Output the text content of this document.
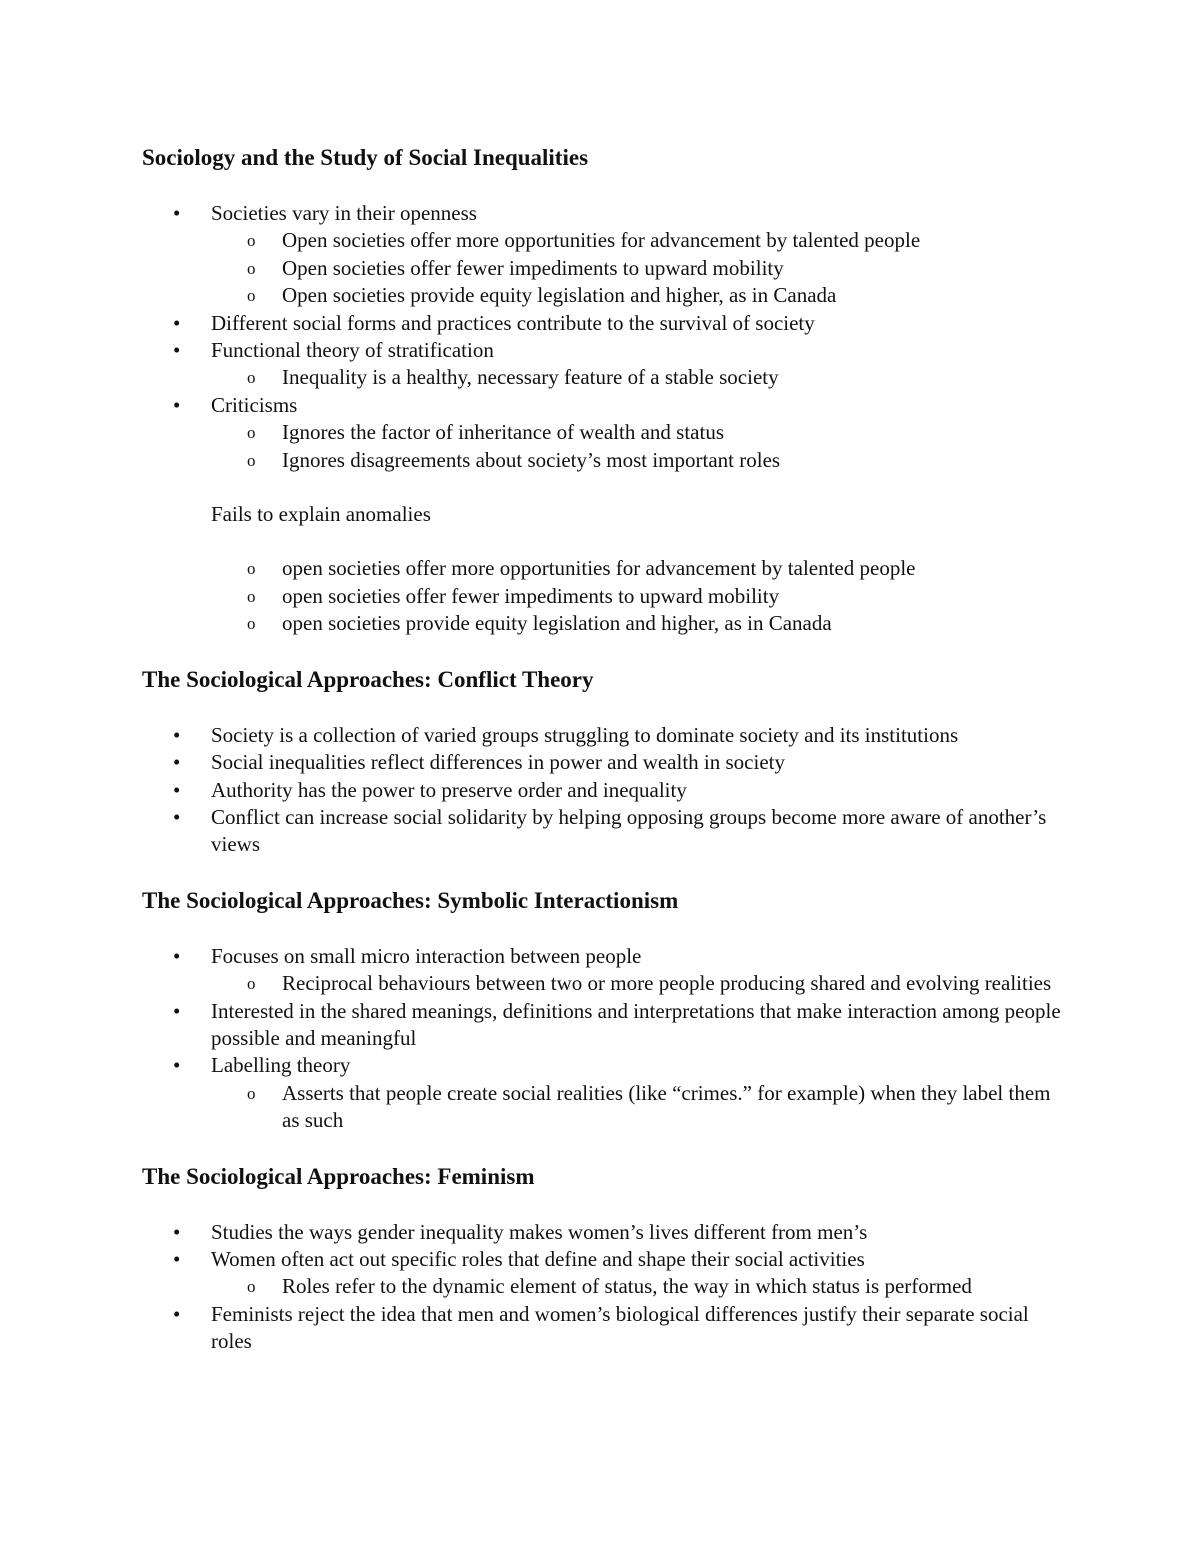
Sociology and the Study of Social Inequalities
• Societies vary in their openness
o Open societies offer more opportunities for advancement by talented people
o Open societies offer fewer impediments to upward mobility
o Open societies provide equity legislation and higher, as in Canada
• Different social forms and practices contribute to the survival of society
• Functional theory of stratification
o Inequality is a healthy, necessary feature of a stable society
• Criticisms
o Ignores the factor of inheritance of wealth and status
o Ignores disagreements about society’s most important roles

Fails to explain anomalies

o open societies offer more opportunities for advancement by talented people
o open societies offer fewer impediments to upward mobility
o open societies provide equity legislation and higher, as in Canada
The Sociological Approaches: Conflict Theory
• Society is a collection of varied groups struggling to dominate society and its institutions
• Social inequalities reflect differences in power and wealth in society
• Authority has the power to preserve order and inequality
• Conflict can increase social solidarity by helping opposing groups become more aware of another’s views
The Sociological Approaches: Symbolic Interactionism
• Focuses on small micro interaction between people
o Reciprocal behaviours between two or more people producing shared and evolving realities
• Interested in the shared meanings, definitions and interpretations that make interaction among people possible and meaningful
• Labelling theory
o Asserts that people create social realities (like “crimes.” for example) when they label them as such
The Sociological Approaches: Feminism
• Studies the ways gender inequality makes women’s lives different from men’s
• Women often act out specific roles that define and shape their social activities
o Roles refer to the dynamic element of status, the way in which status is performed
• Feminists reject the idea that men and women’s biological differences justify their separate social roles
